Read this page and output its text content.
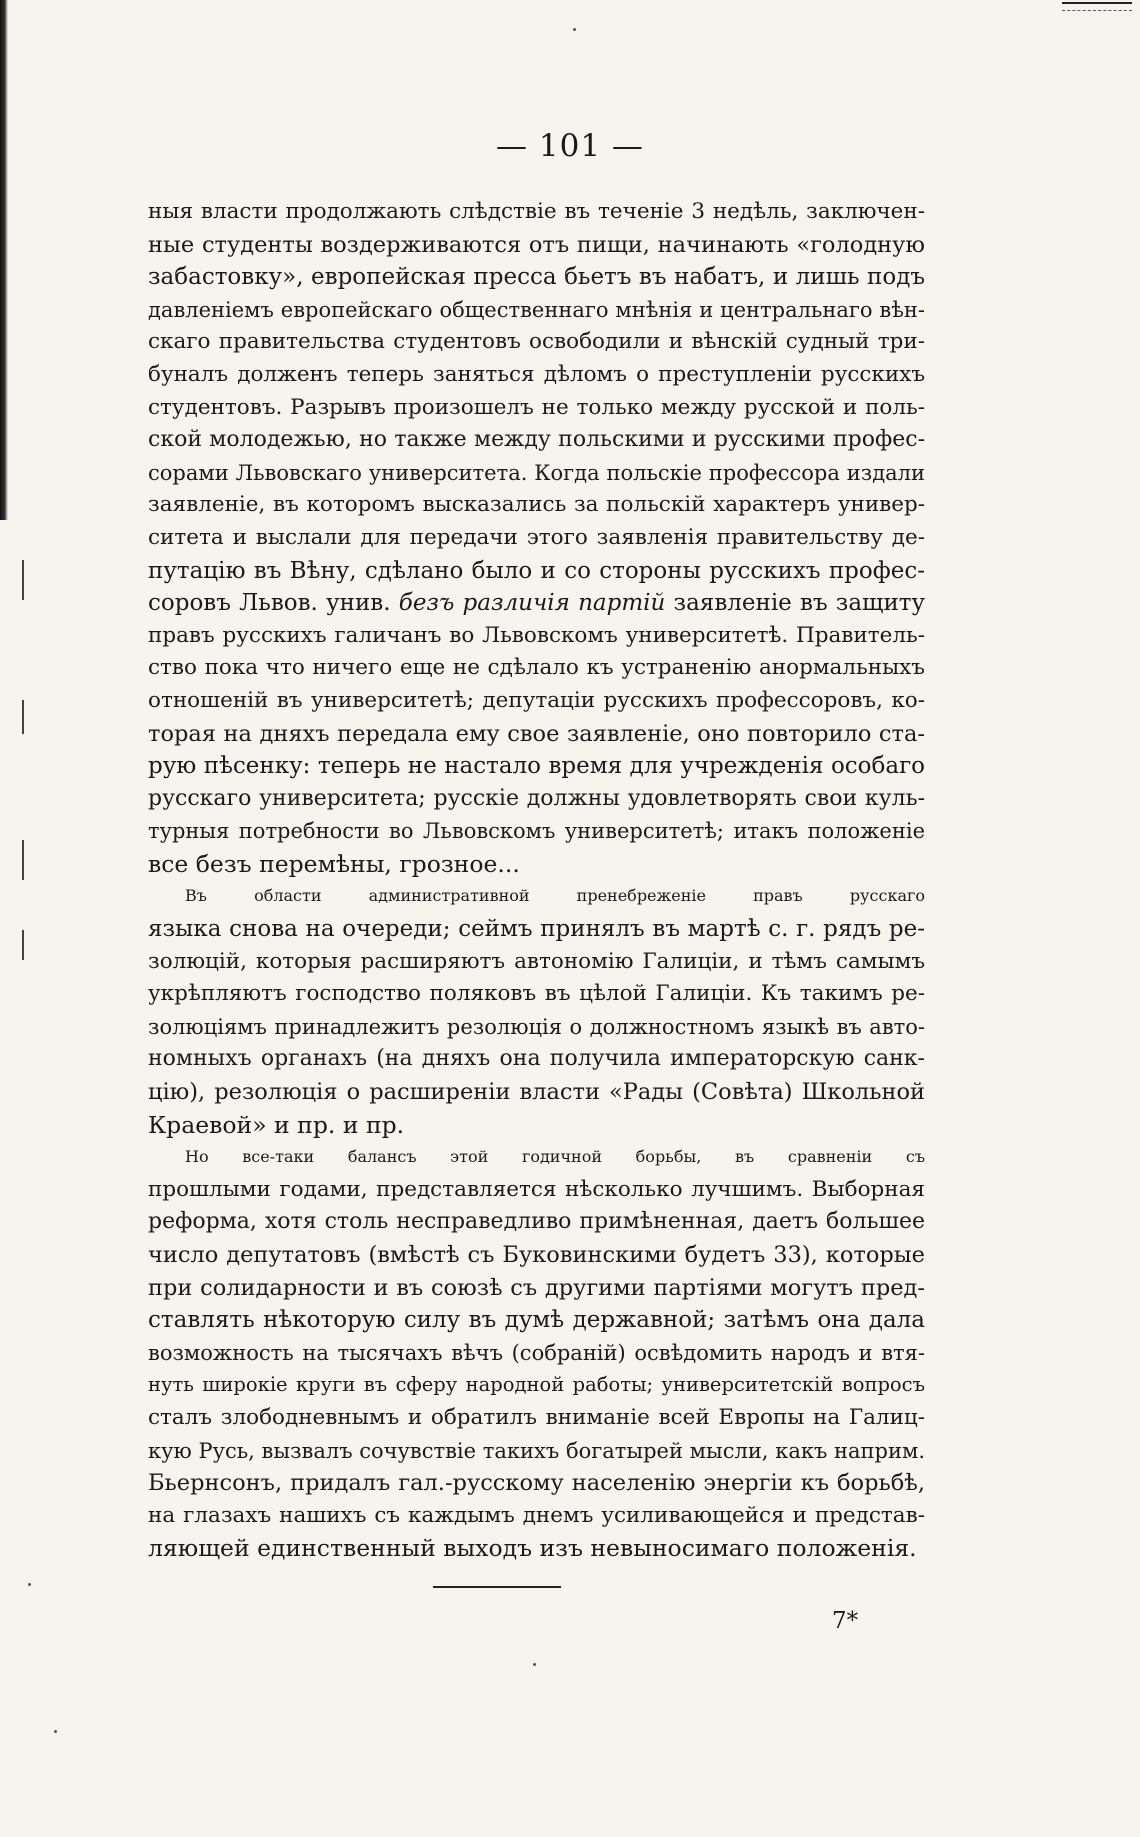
— 101 —

ныя власти продолжають слѣдствіе въ теченіе 3 недѣль, заключен-
ные студенты воздерживаются отъ пищи, начинають «голодную
забастовку», европейская пресса бьетъ въ набатъ, и лишь подъ
давленіемъ европейскаго общественнаго мнѣнія и центральнаго вѣн-
скаго правительства студентовъ освободили и вѣнскій судный три-
буналъ долженъ теперь заняться дѣломъ о преступленіи русскихъ
студентовъ. Разрывъ произошелъ не только между русской и поль-
ской молодежью, но также между польскими и русскими профес-
сорами Львовскаго университета. Когда польскіе профессора издали
заявленіе, въ которомъ высказались за польскій характеръ универ-
ситета и выслали для передачи этого заявленія правительству де-
путацію въ Вѣну, сдѣлано было и со стороны русскихъ профес-
соровъ Львов. унив. безъ различія партій заявленіе въ защиту
правъ русскихъ галичанъ во Львовскомъ университетѣ. Правитель-
ство пока что ничего еще не сдѣлало къ устраненію анормальныхъ
отношеній въ университетѣ; депутаціи русскихъ профессоровъ, ко-
торая на дняхъ передала ему свое заявленіе, оно повторило ста-
рую пѣсенку: теперь не настало время для учрежденія особаго
русскаго университета; русскіе должны удовлетворять свои куль-
турныя потребности во Львовскомъ университетѣ; итакъ положеніе
все безъ перемѣны, грозное...

Въ области административной пренебреженіе правъ русскаго
языка снова на очереди; сеймъ принялъ въ мартѣ с. г. рядъ ре-
золюцій, которыя расширяютъ автономію Галиціи, и тѣмъ самымъ
укрѣпляютъ господство поляковъ въ цѣлой Галиціи. Къ такимъ ре-
золюціямъ принадлежитъ резолюція о должностномъ языкѣ въ авто-
номныхъ органахъ (на дняхъ она получила императорскую санк-
цію), резолюція о расширеніи власти «Рады (Совѣта) Школьной
Краевой» и пр. и пр.

Но все-таки балансъ этой годичной борьбы, въ сравненіи съ
прошлыми годами, представляется нѣсколько лучшимъ. Выборная
реформа, хотя столь несправедливо примѣненная, даетъ большее
число депутатовъ (вмѣстѣ съ Буковинскими будетъ 33), которые
при солидарности и въ союзѣ съ другими партіями могутъ пред-
ставлять нѣкоторую силу въ думѣ державной; затѣмъ она дала
возможность на тысячахъ вѣчъ (собраній) освѣдомить народъ и втя-
нуть широкіе круги въ сферу народной работы; университетскій вопросъ
сталъ злободневнымъ и обратилъ вниманіе всей Европы на Галиц-
кую Русь, вызвалъ сочувствіе такихъ богатырей мысли, какъ наприм.
Бьернсонъ, придалъ гал.-русскому населенію энергіи къ борьбѣ,
на глазахъ нашихъ съ каждымъ днемъ усиливающейся и представ-
ляющей единственный выходъ изъ невыносимаго положенія.

7*
